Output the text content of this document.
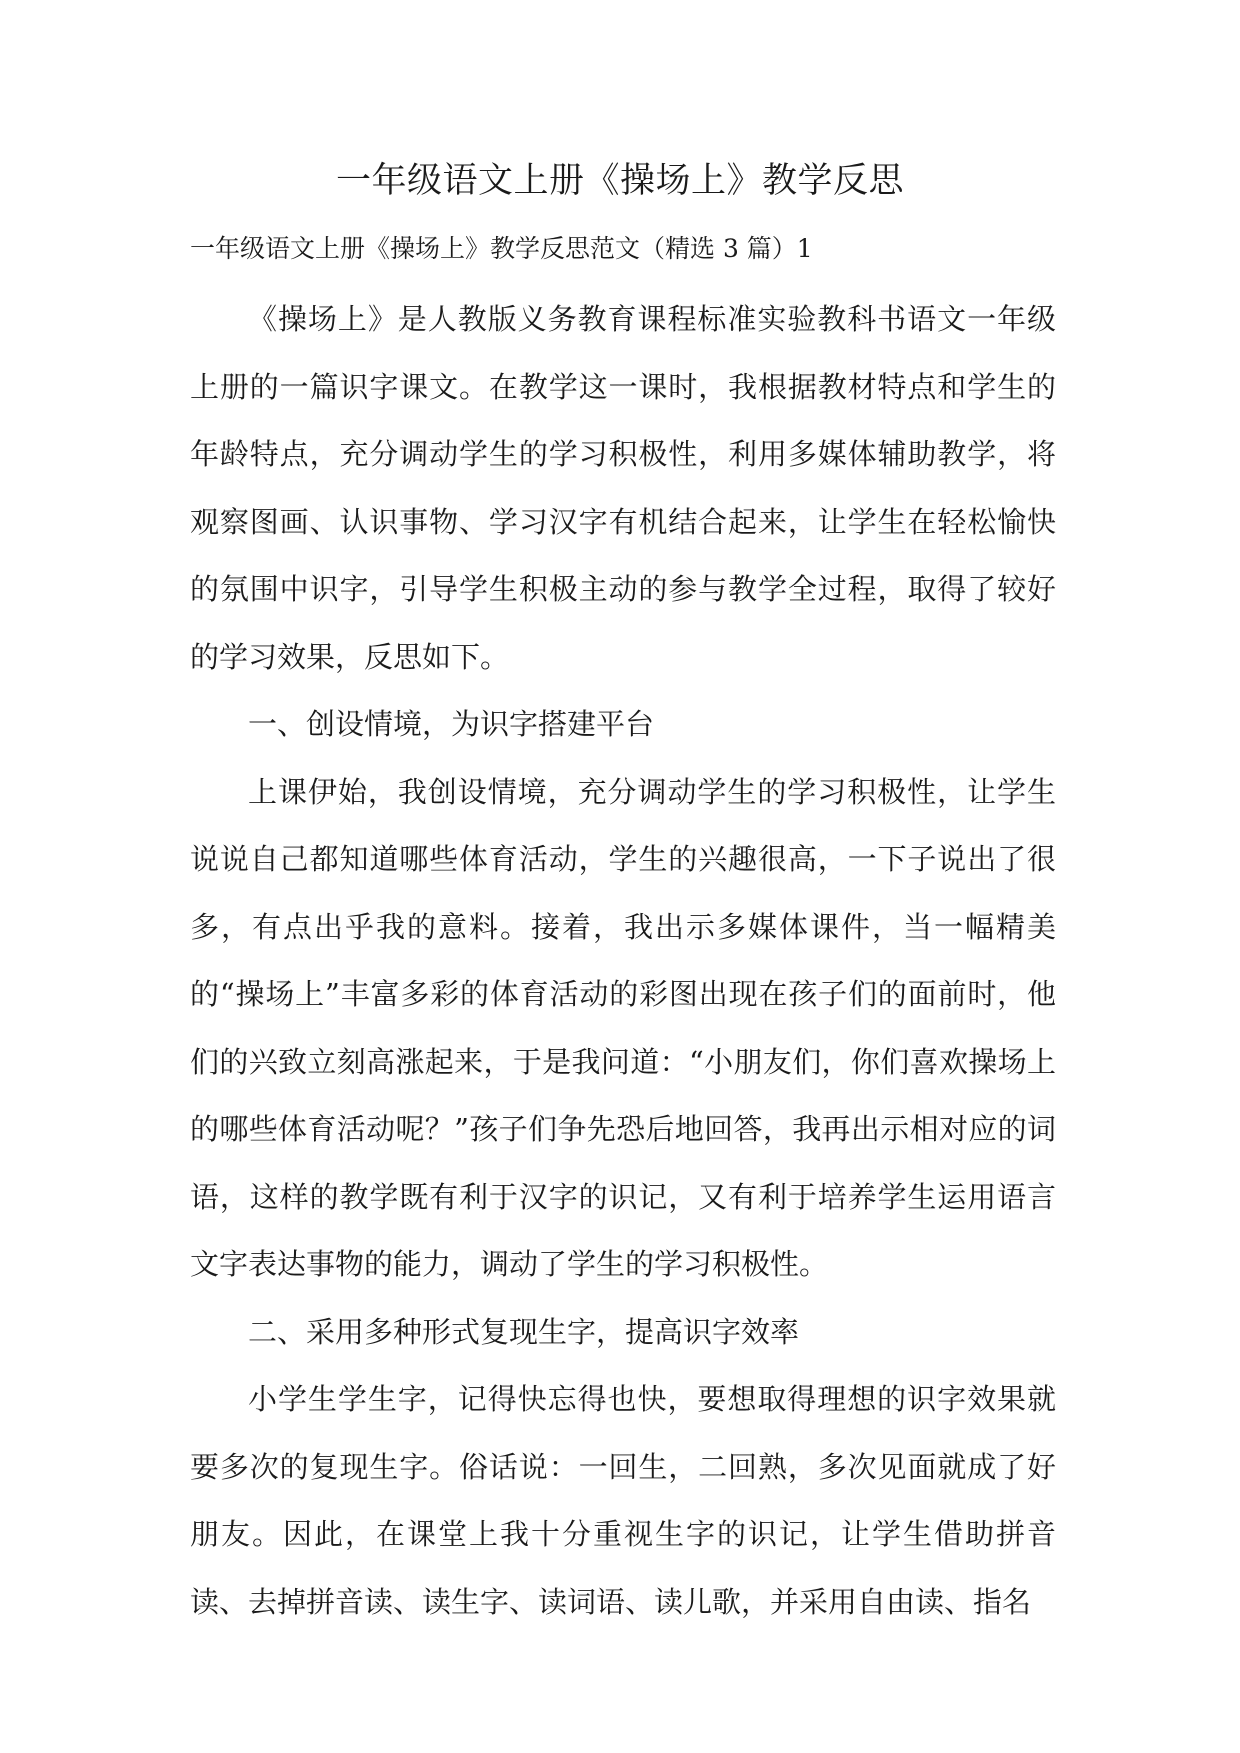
一年级语文上册《操场上》教学反思
一年级语文上册《操场上》教学反思范文（精选 3 篇）1

《操场上》是人教版义务教育课程标准实验教科书语文一年级上册的一篇识字课文。在教学这一课时，我根据教材特点和学生的年龄特点，充分调动学生的学习积极性，利用多媒体辅助教学，将观察图画、认识事物、学习汉字有机结合起来，让学生在轻松愉快的氛围中识字，引导学生积极主动的参与教学全过程，取得了较好的学习效果，反思如下。

一、创设情境，为识字搭建平台

上课伊始，我创设情境，充分调动学生的学习积极性，让学生说说自己都知道哪些体育活动，学生的兴趣很高，一下子说出了很多，有点出乎我的意料。接着，我出示多媒体课件，当一幅精美的“操场上”丰富多彩的体育活动的彩图出现在孩子们的面前时，他们的兴致立刻高涨起来，于是我问道：“小朋友们，你们喜欢操场上的哪些体育活动呢？”孩子们争先恐后地回答，我再出示相对应的词语，这样的教学既有利于汉字的识记，又有利于培养学生运用语言文字表达事物的能力，调动了学生的学习积极性。

二、采用多种形式复现生字，提高识字效率

小学生学生字，记得快忘得也快，要想取得理想的识字效果就要多次的复现生字。俗话说：一回生，二回熟，多次见面就成了好朋友。因此，在课堂上我十分重视生字的识记，让学生借助拼音读、去掉拼音读、读生字、读词语、读儿歌，并采用自由读、指名
